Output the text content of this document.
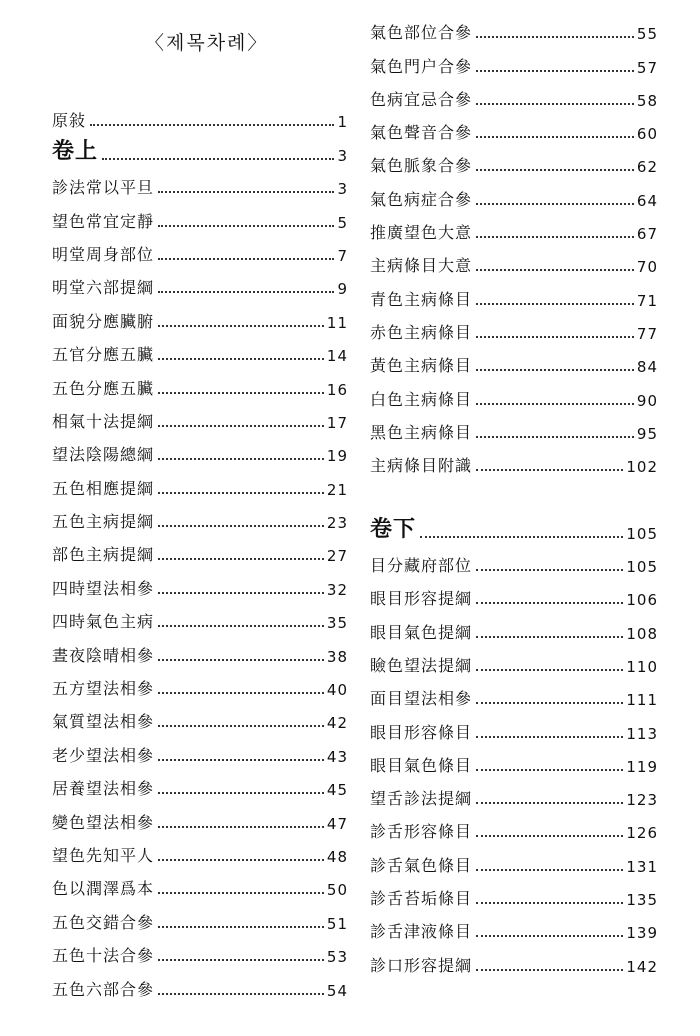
〈제목차례〉
原敍	1
卷上	3
診法常以平旦	3
望色常宜定靜	5
明堂周身部位	7
明堂六部提綱	9
面貌分應臟腑	11
五官分應五臟	14
五色分應五臟	16
相氣十法提綱	17
望法陰陽總綱	19
五色相應提綱	21
五色主病提綱	23
部色主病提綱	27
四時望法相參	32
四時氣色主病	35
晝夜陰晴相參	38
五方望法相參	40
氣質望法相參	42
老少望法相參	43
居養望法相參	45
變色望法相參	47
望色先知平人	48
色以潤澤爲本	50
五色交錯合參	51
五色十法合參	53
五色六部合參	54
氣色部位合參	55
氣色門户合參	57
色病宜忌合參	58
氣色聲音合參	60
氣色脈象合參	62
氣色病症合參	64
推廣望色大意	67
主病條目大意	70
青色主病條目	71
赤色主病條目	77
黃色主病條目	84
白色主病條目	90
黑色主病條目	95
主病條目附識	102
卷下	105
目分藏府部位	105
眼目形容提綱	106
眼目氣色提綱	108
瞼色望法提綱	110
面目望法相參	111
眼目形容條目	113
眼目氣色條目	119
望舌診法提綱	123
診舌形容條目	126
診舌氣色條目	131
診舌苔垢條目	135
診舌津液條目	139
診口形容提綱	142
